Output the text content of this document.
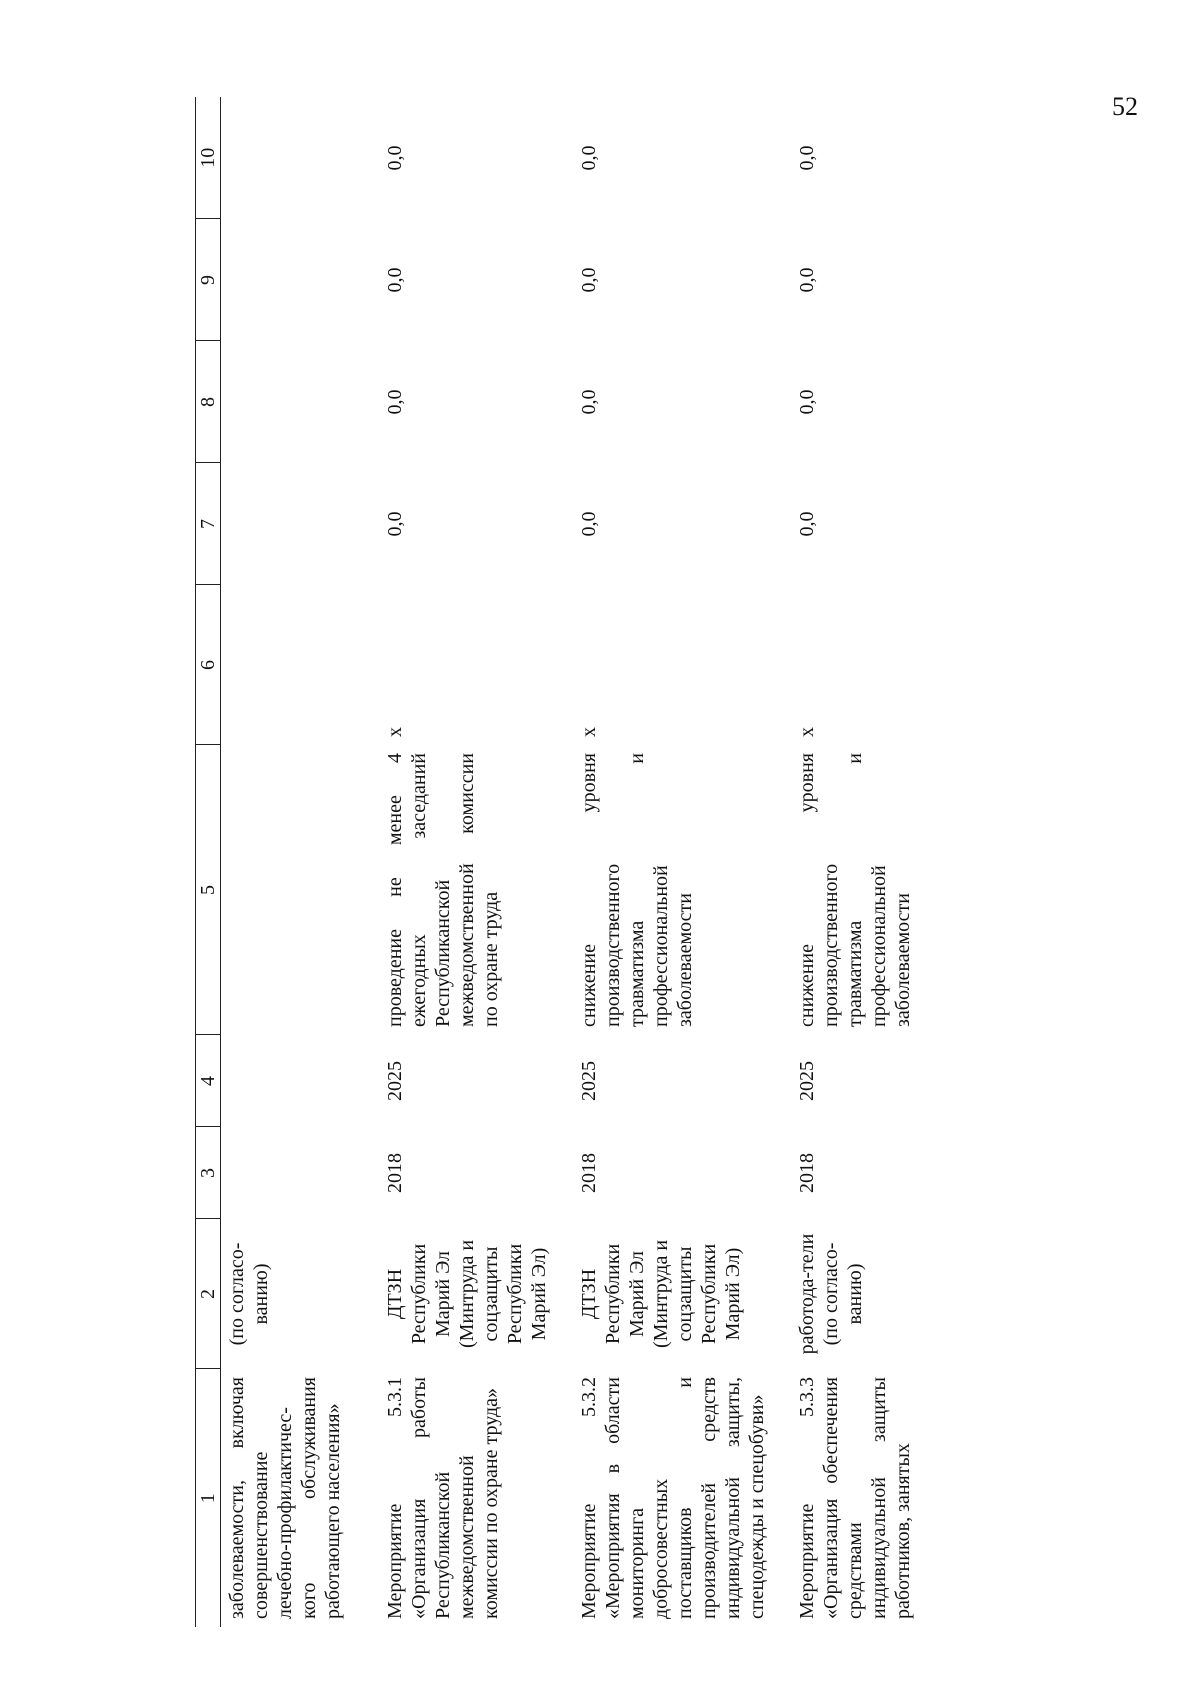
52
1	2	3	4	5	6	7	8	9	10
заболеваемости, включая совершенствование лечебно-профилактичес-кого обслуживания работающего населения»	(по согласо-ванию)								
Мероприятие 5.3.1 «Организация работы Республиканской межведомственной комиссии по охране труда»	ДТЗН Республики Марий Эл (Минтруда и соцзащиты Республики Марий Эл)	2018	2025	проведение не менее 4 ежегодных заседаний Республиканской межведомственной комиссии по охране труда	х	0,0	0,0	0,0	0,0
Мероприятие 5.3.2 «Мероприятия в области мониторинга добросовестных поставщиков и производителей средств индивидуальной защиты, спецодежды и спецобуви»	ДТЗН Республики Марий Эл (Минтруда и соцзащиты Республики Марий Эл)	2018	2025	снижение уровня производственного травматизма и профессиональной заболеваемости	х	0,0	0,0	0,0	0,0
Мероприятие 5.3.3 «Организация обеспечения средствами индивидуальной защиты работников, занятых	работода-тели (по согласо-ванию)	2018	2025	снижение уровня производственного травматизма и профессиональной заболеваемости	х	0,0	0,0	0,0	0,0
